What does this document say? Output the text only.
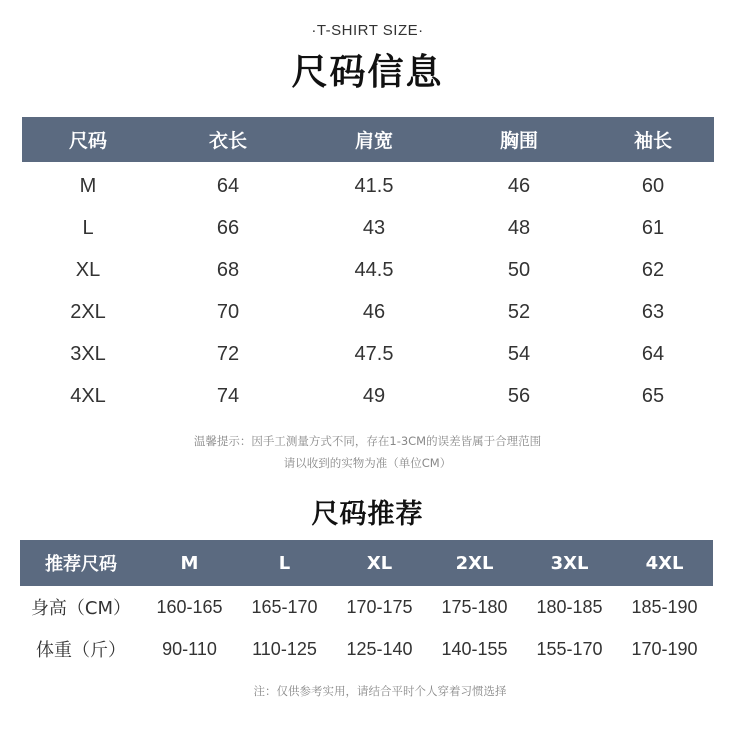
·T-SHIRT SIZE·
尺码信息
尺码	衣长	肩宽	胸围	袖长
M	64	41.5	46	60
L	66	43	48	61
XL	68	44.5	50	62
2XL	70	46	52	63
3XL	72	47.5	54	64
4XL	74	49	56	65
温馨提示：因手工测量方式不同，存在1-3CM的误差皆属于合理范围
请以收到的实物为准（单位CM）
尺码推荐
推荐尺码	M	L	XL	2XL	3XL	4XL
身高（CM）	160-165	165-170	170-175	175-180	180-185	185-190
体重（斤）	90-110	110-125	125-140	140-155	155-170	170-190
注：仅供参考实用，请结合平时个人穿着习惯选择
